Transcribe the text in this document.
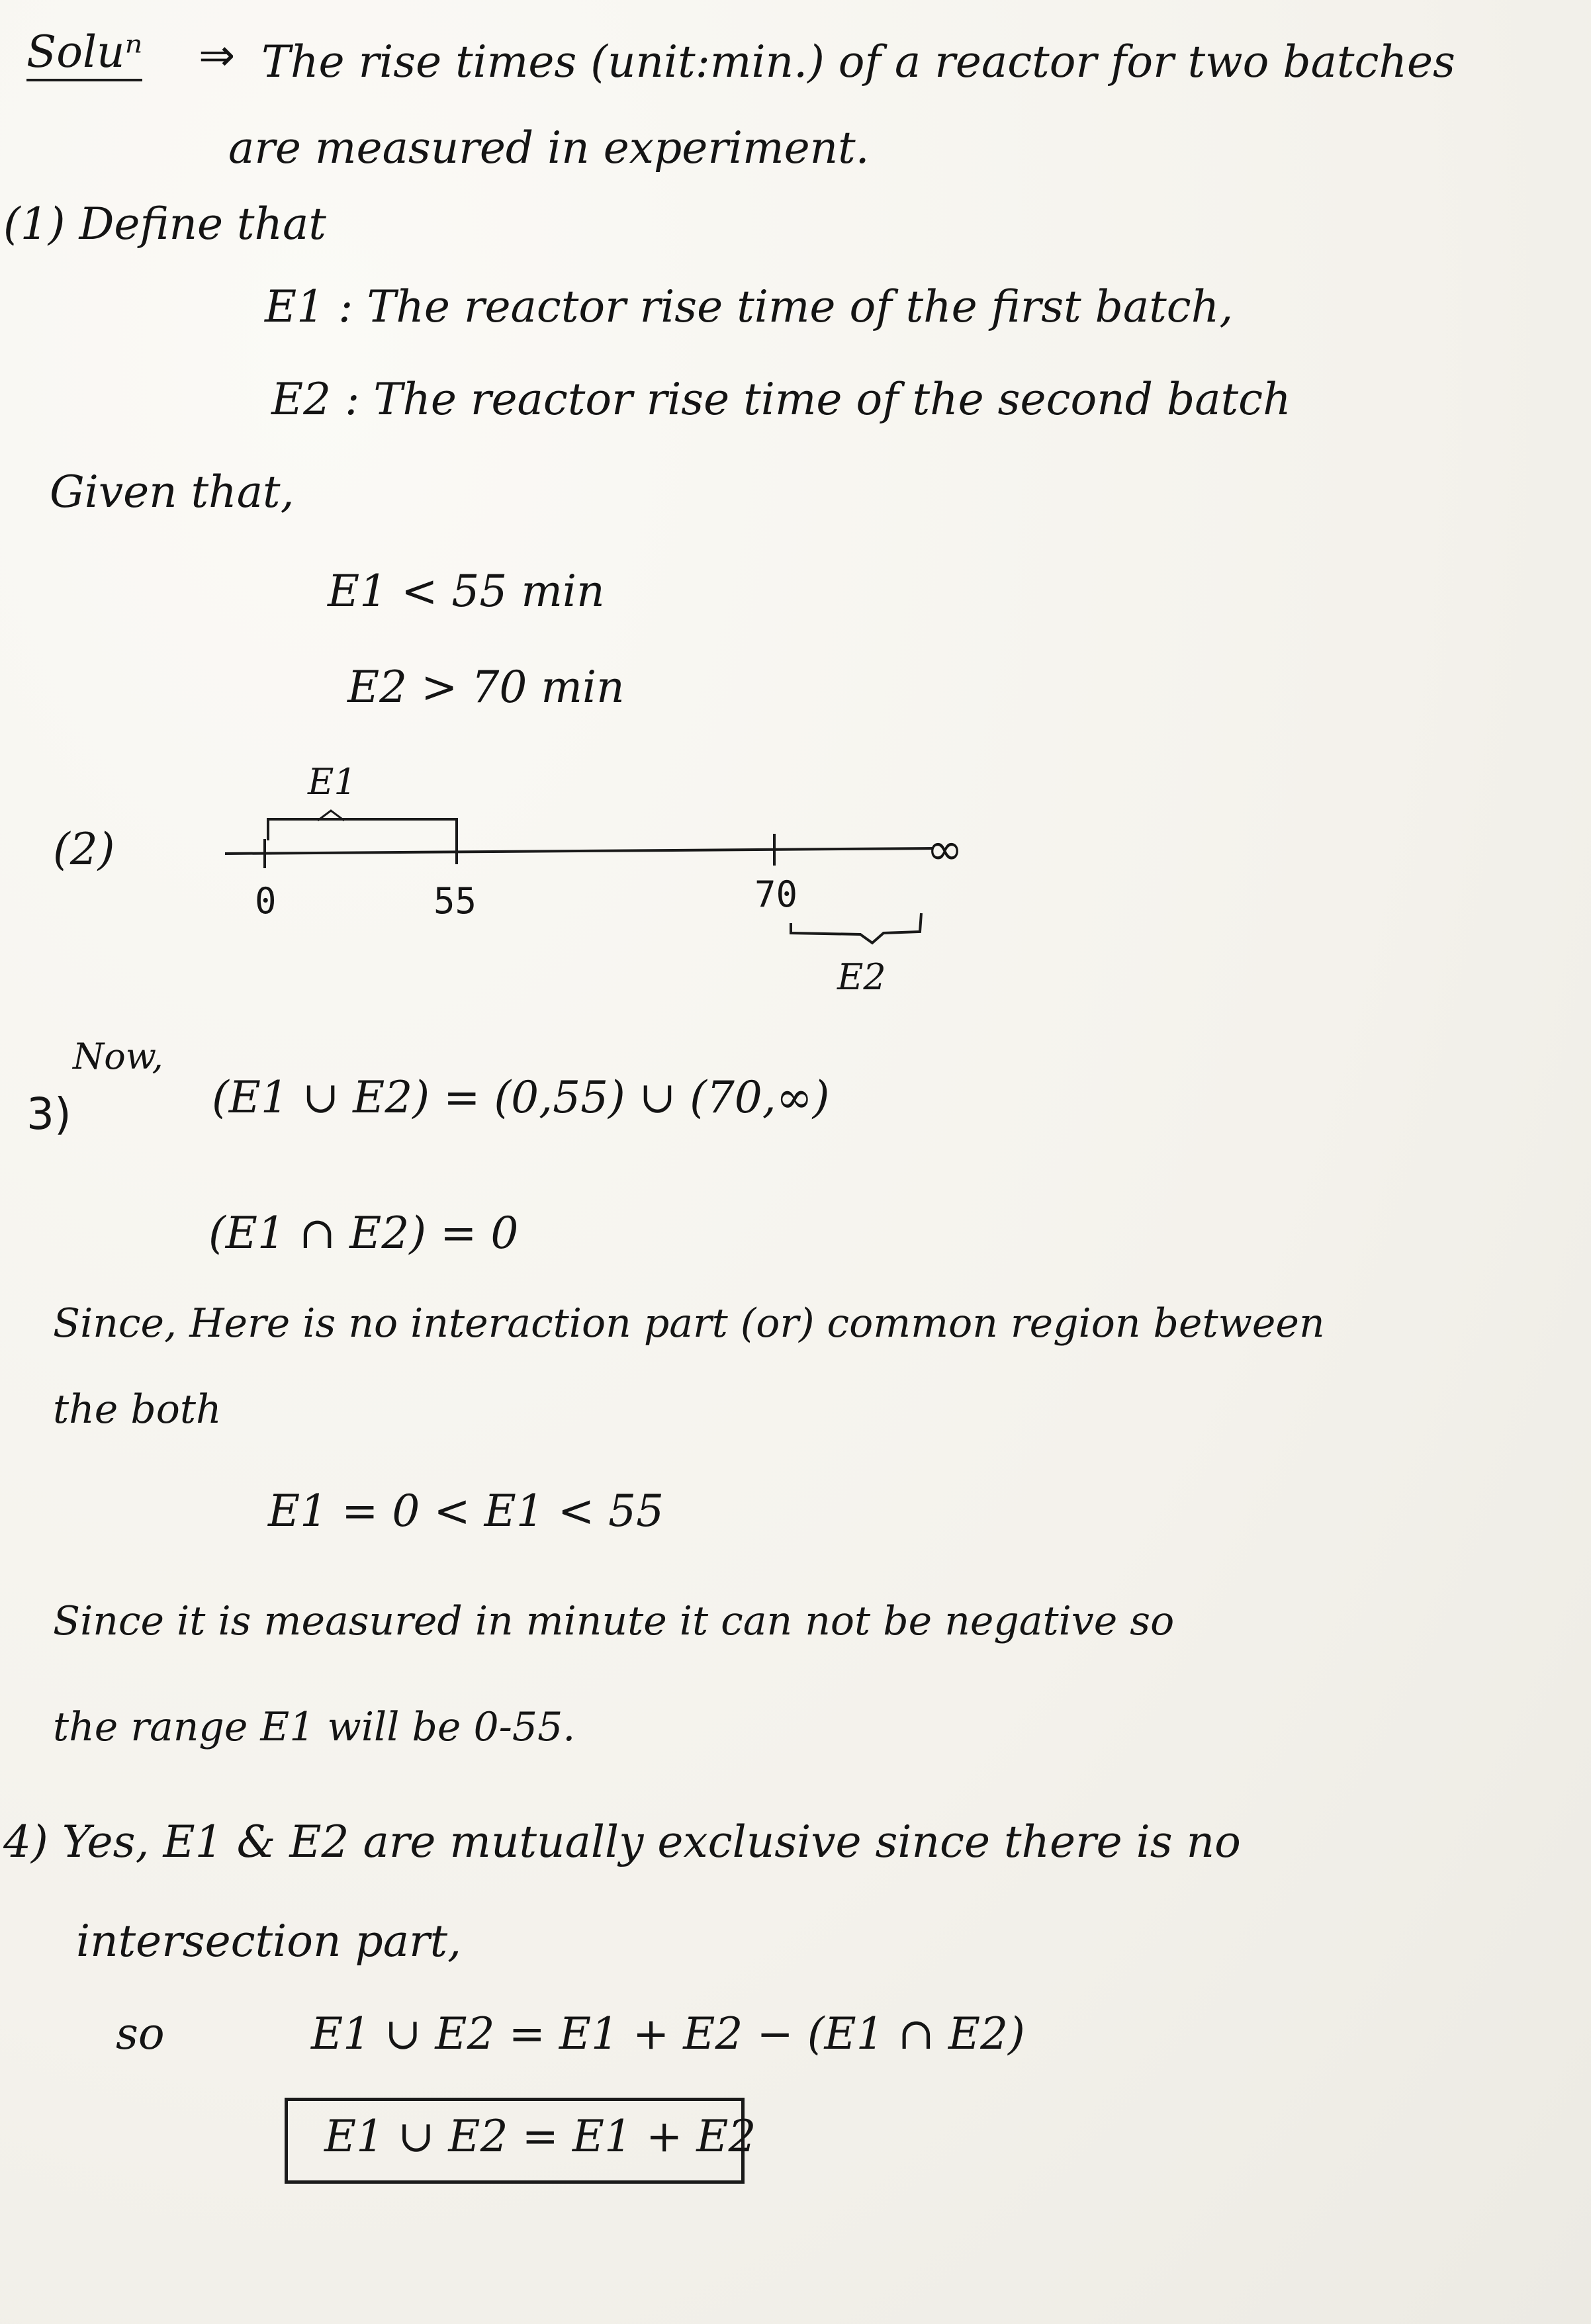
Soluⁿ ⇒ The rise times (unit:min.) of a reactor for two batches
are measured in experiment.
(1) Define that
E1 : The reactor rise time of the first batch,
E2 : The reactor rise time of the second batch
Given that,
E1 < 55 min
E2 > 70 min
(2)
E1
0	55	70
∞
E2
Now,
3)	(E1 ∪ E2) = (0,55) ∪ (70,∞)
(E1 ∩ E2) = 0
Since, Here is no interaction part (or) common region between
the both
E1 = 0 < E1 < 55
Since it is measured in minute it can not be negative so
the range E1 will be 0-55.
4) Yes, E1 & E2 are mutually exclusive since there is no
intersection part,
so	E1 ∪ E2 = E1 + E2 − (E1 ∩ E2)
E1 ∪ E2 = E1 + E2
